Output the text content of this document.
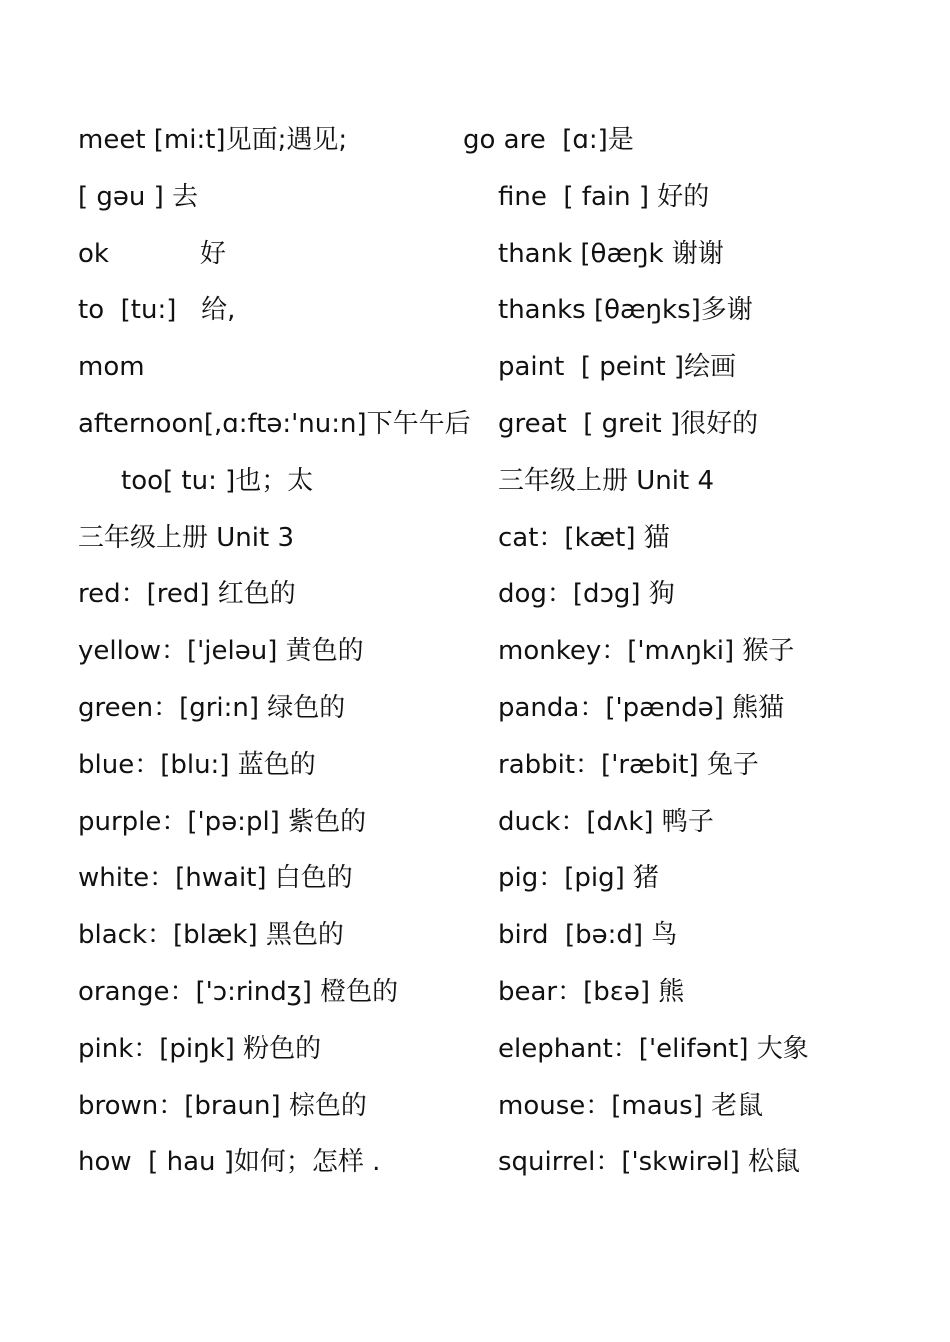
meet [mi:t]见面;遇见;
[ gəu ] 去
ok           好
to  [tu:]   给,
mom
afternoon[,ɑ:ftə:'nu:n]下午午后
too[ tu: ]也；太
三年级上册 Unit 3
red：[red] 红色的
yellow：['jeləu] 黄色的
green：[gri:n] 绿色的
blue：[blu:] 蓝色的
purple：['pə:pl] 紫色的
white：[hwait] 白色的
black：[blæk] 黑色的
orange：['ɔ:rindʒ] 橙色的
pink：[piŋk] 粉色的
brown：[braun] 棕色的
how  [ hau ]如何；怎样 .
go are  [ɑ:]是
fine  [ fain ] 好的
thank [θæŋk 谢谢
thanks [θæŋks]多谢
paint  [ peint ]绘画
great  [ greit ]很好的
三年级上册 Unit 4
cat：[kæt] 猫
dog：[dɔg] 狗
monkey：['mʌŋki] 猴子
panda：['pændə] 熊猫
rabbit：['ræbit] 兔子
duck：[dʌk] 鸭子
pig：[pig] 猪
bird  [bə:d] 鸟
bear：[bɛə] 熊
elephant：['elifənt] 大象
mouse：[maus] 老鼠
squirrel：['skwirəl] 松鼠
